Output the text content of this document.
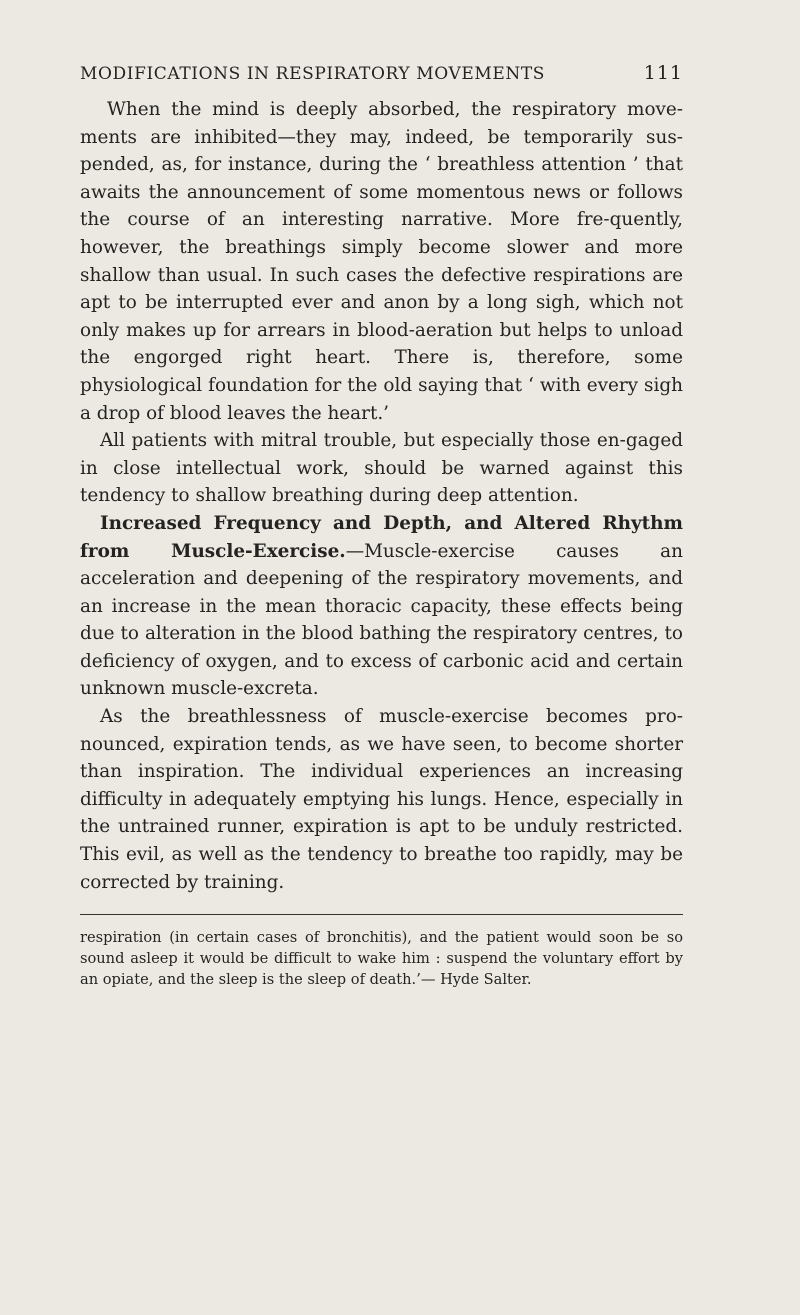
MODIFICATIONS IN RESPIRATORY MOVEMENTS	111

When the mind is deeply absorbed, the respiratory move-ments are inhibited—they may, indeed, be temporarily sus-pended, as, for instance, during the ‘ breathless attention ’ that awaits the announcement of some momentous news or follows the course of an interesting narrative. More fre-quently, however, the breathings simply become slower and more shallow than usual. In such cases the defective respirations are apt to be interrupted ever and anon by a long sigh, which not only makes up for arrears in blood-aeration but helps to unload the engorged right heart. There is, therefore, some physiological foundation for the old saying that ‘ with every sigh a drop of blood leaves the heart.’

All patients with mitral trouble, but especially those en-gaged in close intellectual work, should be warned against this tendency to shallow breathing during deep attention.

Increased Frequency and Depth, and Altered Rhythm from Muscle-Exercise.—Muscle-exercise causes an acceleration and deepening of the respiratory movements, and an increase in the mean thoracic capacity, these effects being due to alteration in the blood bathing the respiratory centres, to deficiency of oxygen, and to excess of carbonic acid and certain unknown muscle-excreta.

As the breathlessness of muscle-exercise becomes pro-nounced, expiration tends, as we have seen, to become shorter than inspiration. The individual experiences an increasing difficulty in adequately emptying his lungs. Hence, especially in the untrained runner, expiration is apt to be unduly restricted. This evil, as well as the tendency to breathe too rapidly, may be corrected by training.

respiration (in certain cases of bronchitis), and the patient would soon be so sound asleep it would be difficult to wake him : suspend the voluntary effort by an opiate, and the sleep is the sleep of death.’— Hyde Salter.
